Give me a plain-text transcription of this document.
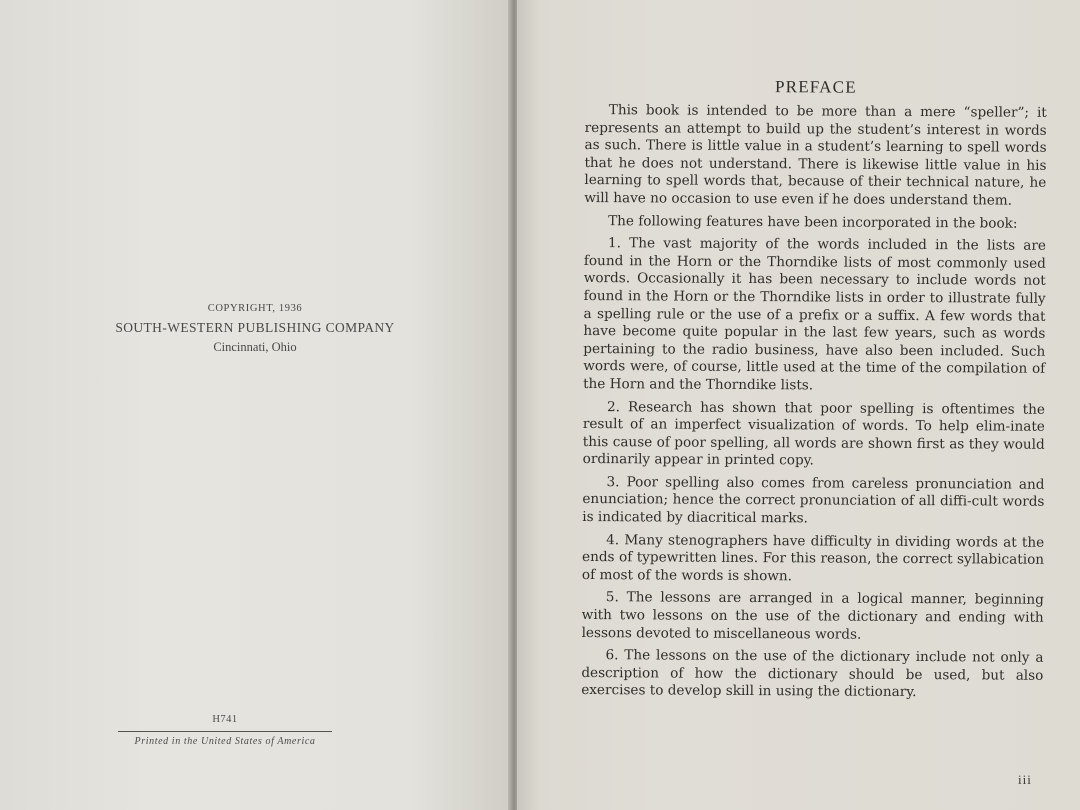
COPYRIGHT, 1936
SOUTH-WESTERN PUBLISHING COMPANY
Cincinnati, Ohio
H741
Printed in the United States of America
PREFACE

This book is intended to be more than a mere “speller”; it represents an attempt to build up the student’s interest in words as such. There is little value in a student’s learning to spell words that he does not understand. There is likewise little value in his learning to spell words that, because of their technical nature, he will have no occasion to use even if he does understand them.

The following features have been incorporated in the book:

1. The vast majority of the words included in the lists are found in the Horn or the Thorndike lists of most commonly used words. Occasionally it has been necessary to include words not found in the Horn or the Thorndike lists in order to illustrate fully a spelling rule or the use of a prefix or a suffix. A few words that have become quite popular in the last few years, such as words pertaining to the radio business, have also been included. Such words were, of course, little used at the time of the compilation of the Horn and the Thorndike lists.

2. Research has shown that poor spelling is oftentimes the result of an imperfect visualization of words. To help elim-inate this cause of poor spelling, all words are shown first as they would ordinarily appear in printed copy.

3. Poor spelling also comes from careless pronunciation and enunciation; hence the correct pronunciation of all diffi-cult words is indicated by diacritical marks.

4. Many stenographers have difficulty in dividing words at the ends of typewritten lines. For this reason, the correct syllabication of most of the words is shown.

5. The lessons are arranged in a logical manner, beginning with two lessons on the use of the dictionary and ending with lessons devoted to miscellaneous words.

6. The lessons on the use of the dictionary include not only a description of how the dictionary should be used, but also exercises to develop skill in using the dictionary.

iii
